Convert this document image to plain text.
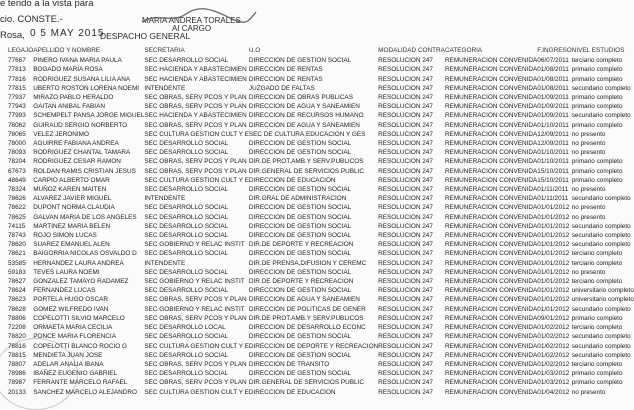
e tendo a la vista para
cio. CONSTE.-	MARIA ANDREA TORALES
AI CARGO
Rosa, 0 5 MAY 2015
DESPACHO GENERAL
LEGAJO	APELLIDO Y NOMBRE	SECRETARIA	U.O	MODALIDAD CONTRA	CATEGORIA	F.INGRESO	NIVEL ESTUDIOS
77667	PINERO IVANA MARIA PAULA	SEC DESARROLLO SOCIAL	DIRECCION DE GESTION SOCIAL	RESOLUCION 247	REMUNERACION CONVENIDA	06/07/2011	terciario completo
77813	BOGADO MARIA ROSA	SEC HACIENDA Y ABASTECIMIEN	DIRECCION DE RENTAS	RESOLUCION 247	REMUNERACION CONVENIDA	01/08/2011	primario completo
77816	RODRIGUEZ SUSANA LILIA ANA	SEC HACIENDA Y ABASTECIMIEN	DIRECCION DE RENTAS	RESOLUCION 247	REMUNERACION CONVENIDA	01/08/2011	primario completo
77815	UBERTO ROSTON LORENA NOEMI	INTENDENTE	JUZGADO DE FALTAS	RESOLUCION 247	REMUNERACION CONVENIDA	01/08/2011	secundario completo
77937	MIRAZO PABLO HERALDO	SEC OBRAS, SERV PCOS Y PLAN	DIRECCION DE OBRAS PUBLICAS	RESOLUCION 247	REMUNERACION CONVENIDA	01/09/2011	primario completo
77943	GAITAN ANIBAL FABIAN	SEC OBRAS, SERV PCOS Y PLAN	DIRECCION DE AGUA Y SANEAMIEN	RESOLUCION 247	REMUNERACION CONVENIDA	01/09/2011	primario completo
77993	SCHEMPELT PANSA JORGE MIGUEL	SEC HACIENDA Y ABASTECIMIEN	DIRECCION DE RECURSOS HUMANO	RESOLUCION 247	REMUNERACION CONVENIDA	01/09/2011	secundario completo
78062	GUIRAUD SERGIO NORBERTO	SEC OBRAS, SERV PCOS Y PLAN	DIRECCION DE AGUA Y SANEAMIEN	RESOLUCION 247	REMUNERACION CONVENIDA	01/10/2011	primario completo
78065	VELEZ JERONIMO	SEC CULTURA GESTION CULT Y E	SEC DE CULTURA,EDUCACION Y GES	RESOLUCION 247	REMUNERACION CONVENIDA	12/09/2011	no presento
78000	AGUIRRE FABIANA ANDREA	SEC DESARROLLO SOCIAL	DIRECCION DE GESTION SOCIAL	RESOLUCION 247	REMUNERACION CONVENIDA	12/09/2011	no presento
78093	RODRIGUEZ CHANTAL TAMARA	SEC DESARROLLO SOCIAL	DIRECCION DE GESTION SOCIAL	RESOLUCION 247	REMUNERACION CONVENIDA	01/10/2011	no presento
78204	RODRIGUEZ CESAR RAMON	SEC OBRAS, SERV PCOS Y PLAN	DIR.DE PROT.AMB.Y SERV.PUBLICOS	RESOLUCION 247	REMUNERACION CONVENIDA	01/10/2011	primario completo
67673	ROLDAN RAMIS CRISTIAN JESUS	SEC OBRAS, SERV PCOS Y PLAN	DIR.GENERAL DE SERVICIOS PUBLIC	RESOLUCION 247	REMUNERACION CONVENIDA	15/10/2011	primario completo
48649	CARPIO ALBERTO OMAR	SEC CULTURA GESTION CULT Y E	DIRECCION DE EDUCACION	RESOLUCION 247	REMUNERACION CONVENIDA	15/10/2011	primario completo
78324	MUÑOZ KAREN MAITEN	SEC DESARROLLO SOCIAL	DIRECCION DE GESTION SOCIAL	RESOLUCION 247	REMUNERACION CONVENIDA	01/11/2011	no presento
78626	ALVAREZ JAVIER MIGUEL	INTENDENTE	DIR.GRAL DE ADMINISTRACION	RESOLUCION 247	REMUNERACION CONVENIDA	01/11/2011	secundario completo
78622	DUPONT NORMA CLAUDIA	SEC DESARROLLO SOCIAL	DIRECCION DE GESTION SOCIAL	RESOLUCION 247	REMUNERACION CONVENIDA	01/01/2012	no presento
78625	GALVAN MARIA DE LOS ANGELES	SEC DESARROLLO SOCIAL	DIRECCION DE GESTION SOCIAL	RESOLUCION 247	REMUNERACION CONVENIDA	01/01/2012	no presento
74115	MARTINEZ MARIA BELEN	SEC DESARROLLO SOCIAL	DIRECCION DE GESTION SOCIAL	RESOLUCION 247	REMUNERACION CONVENIDA	01/01/2012	secundario completo
78743	ROJO SIMON LUCAS	SEC DESARROLLO SOCIAL	DIRECCION DE GESTION SOCIAL	RESOLUCION 247	REMUNERACION CONVENIDA	01/01/2012	secundario completo
78620	SUAREZ EMANUEL ALEN	SEC GOBIERNO Y RELAC INSTIT	DIR.DE DEPORTE Y RECREACION	RESOLUCION 247	REMUNERACION CONVENIDA	01/01/2012	secundario completo
78621	BAIGORRIA NICOLAS OSVALDO D	SEC DESARROLLO SOCIAL	DIRECCION DE GESTION SOCIAL	RESOLUCION 247	REMUNERACION CONVENIDA	01/01/2012	terciario completo
53585	HERNANDEZ LAURA ANDREA	INTENDENTE	DIR.DE PRENSA,DIFUSION Y CEREMC	RESOLUCION 247	REMUNERACION CONVENIDA	01/01/2012	terciario completo
59183	TEVES LAURA NOEMI	SEC DESARROLLO SOCIAL	DIRECCION DE GESTION SOCIAL	RESOLUCION 247	REMUNERACION CONVENIDA	01/01/2012	no presento
78627	GONZALEZ TAMAYO RADAMEZ	SEC GOBIERNO Y RELAC INSTIT	DIR.DE DEPORTE Y RECREACION	RESOLUCION 247	REMUNERACION CONVENIDA	01/01/2012	terciario completo
78624	FERNANDEZ LUCAS	SEC DESARROLLO SOCIAL	DIRECCION DE GESTION SOCIAL	RESOLUCION 247	REMUNERACION CONVENIDA	01/01/2012	universitario completo
78623	PORTELA HUGO OSCAR	SEC OBRAS, SERV PCOS Y PLAN	DIRECCION DE AGUA Y SANEAMIEN	RESOLUCION 247	REMUNERACION CONVENIDA	01/01/2012	universitario completo
78628	GOMEZ WILFREDO IVAN	SEC GOBIERNO Y RELAC INSTIT	DIRECCION DE POLITICAS DE GENER	RESOLUCION 247	REMUNERACION CONVENIDA	01/01/2012	secundario completo
78806	COPELOTTI SILVIO MARCELO	SEC OBRAS, SERV PCOS Y PLAN	DIR.DE PROT.AMB.Y SERV.PUBLICOS	RESOLUCION 247	REMUNERACION CONVENIDA	09/01/2012	primario completo
72208	ORMAETA MARIA CECILIA	SEC DESARROLLO LOCAL	DIRECCION DE DESARROLLO ECONC	RESOLUCION 247	REMUNERACION CONVENIDA	01/02/2012	terciario completo
78820	PONCE MARIA FLORENCIA	SEC DESARROLLO SOCIAL	DIRECCION DE GESTION SOCIAL	RESOLUCION 247	REMUNERACION CONVENIDA	01/02/2012	secundario completo
78816	COPELOTTI BLANCO ROCIO G	SEC CULTURA GESTION CULT Y E	DIRECCION DE DEPORTE Y RECREACION	RESOLUCION 247	REMUNERACION CONVENIDA	01/02/2012	secundario completo
78815	MENDIETA JUAN JOSE	SEC DESARROLLO SOCIAL	DIRECCION DE GESTION SOCIAL	RESOLUCION 247	REMUNERACION CONVENIDA	01/02/2012	secundario completo
78807	ADELAR ANALIA IBANA	SEC OBRAS, SERV PCOS Y PLAN	DIRECCION DE TRANSITO	RESOLUCION 247	REMUNERACION CONVENIDA	01/02/2012	terciario completo
78986	IBAÑEZ EUGENIO GABRIEL	SEC DESARROLLO SOCIAL	DIRECCION DE GESTION SOCIAL	RESOLUCION 247	REMUNERACION CONVENIDA	01/03/2012	primario completo
78987	FERRANTE MARCELO RAFAEL	SEC OBRAS, SERV PCOS Y PLAN	DIR.GENERAL DE SERVICIOS PUBLIC	RESOLUCION 247	REMUNERACION CONVENIDA	01/03/2012	primario completo
20133	SANCHEZ MARCELO ALEJANDRO	SEC CULTURA GESTION CULT Y E	DIRECCION DE EDUCACION	RESOLUCION 247	REMUNERACION CONVENIDA	01/04/2012	no presento
